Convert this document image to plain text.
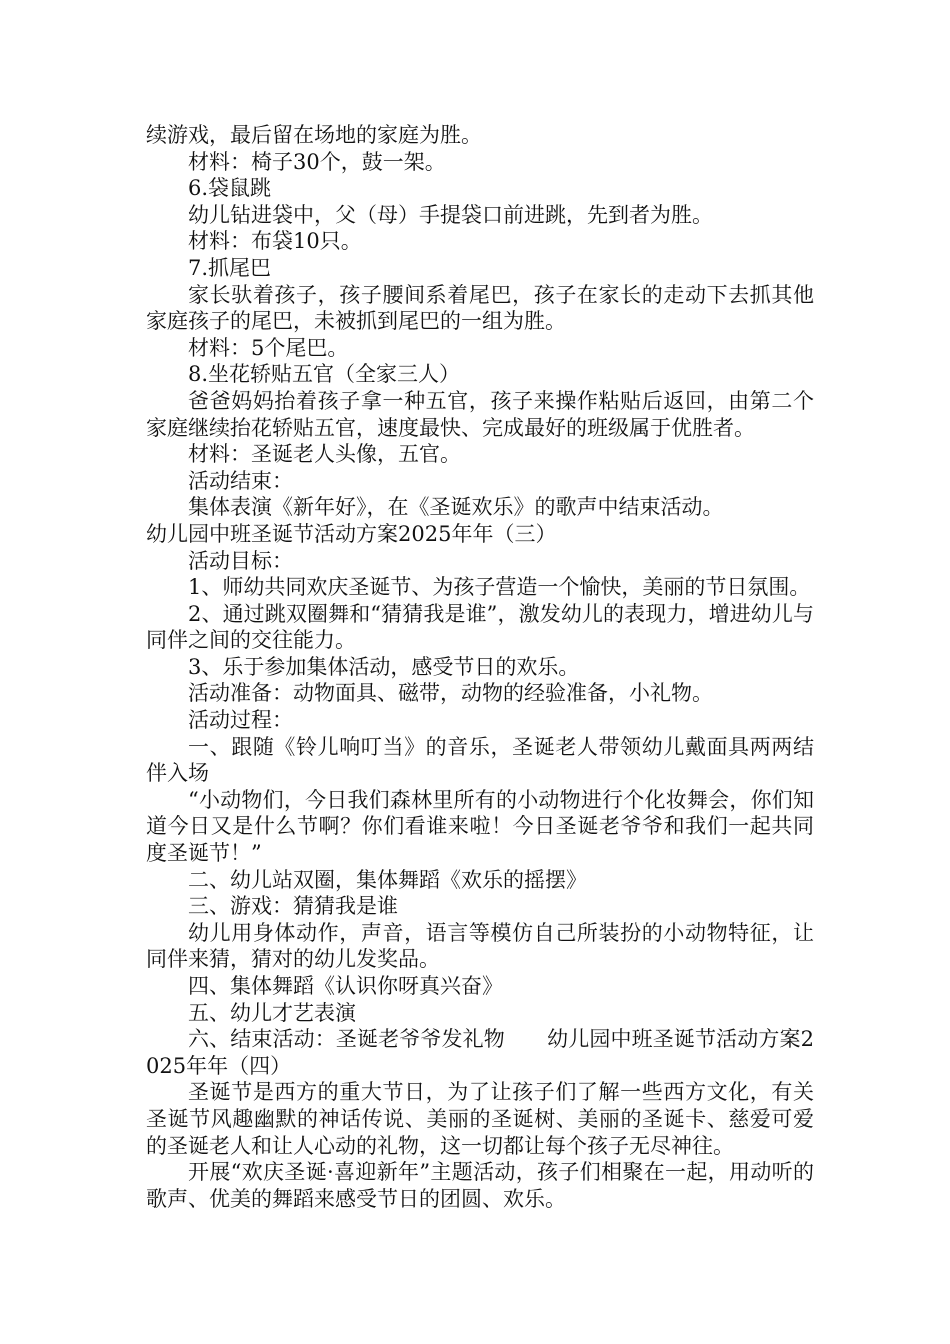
续游戏，最后留在场地的家庭为胜。

材料：椅子30个，鼓一架。

6.袋鼠跳

幼儿钻进袋中，父（母）手提袋口前进跳，先到者为胜。

材料：布袋10只。

7.抓尾巴

家长驮着孩子，孩子腰间系着尾巴，孩子在家长的走动下去抓其他家庭孩子的尾巴，未被抓到尾巴的一组为胜。

材料：5个尾巴。

8.坐花轿贴五官（全家三人）

爸爸妈妈抬着孩子拿一种五官，孩子来操作粘贴后返回，由第二个家庭继续抬花轿贴五官，速度最快、完成最好的班级属于优胜者。

材料：圣诞老人头像，五官。

活动结束：

集体表演《新年好》，在《圣诞欢乐》的歌声中结束活动。

幼儿园中班圣诞节活动方案2025年年（三）

活动目标：

1、师幼共同欢庆圣诞节、为孩子营造一个愉快，美丽的节日氛围。

2、通过跳双圈舞和“猜猜我是谁”，激发幼儿的表现力，增进幼儿与同伴之间的交往能力。

3、乐于参加集体活动，感受节日的欢乐。

活动准备：动物面具、磁带，动物的经验准备，小礼物。

活动过程：

一、跟随《铃儿响叮当》的音乐，圣诞老人带领幼儿戴面具两两结伴入场

“小动物们，今日我们森林里所有的小动物进行个化妆舞会，你们知道今日又是什么节啊？你们看谁来啦！今日圣诞老爷爷和我们一起共同度圣诞节！”

二、幼儿站双圈，集体舞蹈《欢乐的摇摆》

三、游戏：猜猜我是谁

幼儿用身体动作，声音，语言等模仿自己所装扮的小动物特征，让同伴来猜，猜对的幼儿发奖品。

四、集体舞蹈《认识你呀真兴奋》

五、幼儿才艺表演

六、结束活动：圣诞老爷爷发礼物　　幼儿园中班圣诞节活动方案2025年年（四）

圣诞节是西方的重大节日，为了让孩子们了解一些西方文化，有关圣诞节风趣幽默的神话传说、美丽的圣诞树、美丽的圣诞卡、慈爱可爱的圣诞老人和让人心动的礼物，这一切都让每个孩子无尽神往。

开展“欢庆圣诞·喜迎新年”主题活动，孩子们相聚在一起，用动听的歌声、优美的舞蹈来感受节日的团圆、欢乐。
